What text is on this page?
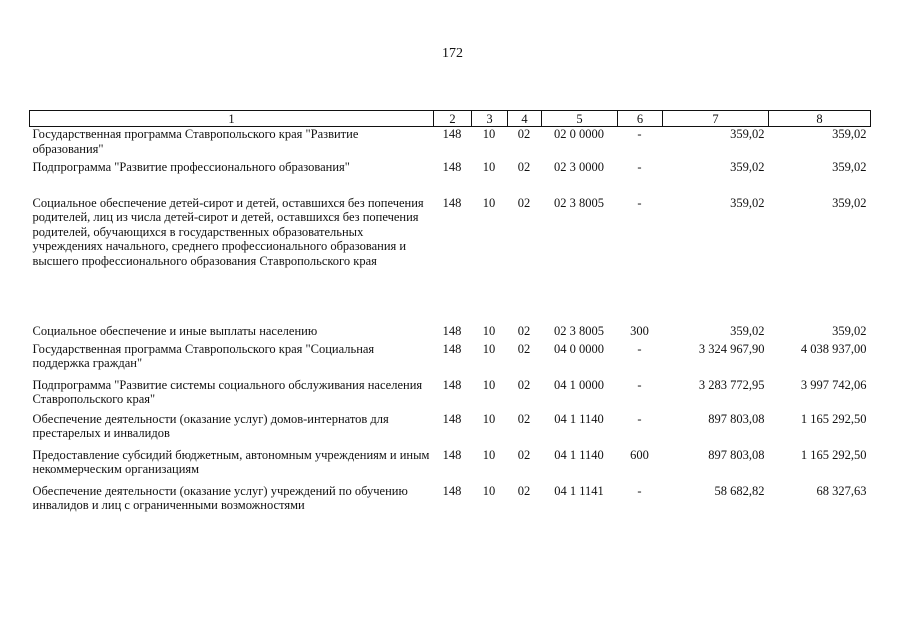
172
1	2	3	4	5	6	7	8
Государственная программа Ставропольского края "Развитие образования"	148	10	02	02 0 0000	-	359,02	359,02
Подпрограмма "Развитие профессионального образования"	148	10	02	02 3 0000	-	359,02	359,02
Социальное обеспечение детей-сирот и детей, оставшихся без попечения родителей, лиц из числа детей-сирот и детей, оставшихся без попечения родителей, обучающихся в государственных образовательных учреждениях начального, среднего профессионального образования и высшего профессионального образования Ставропольского края	148	10	02	02 3 8005	-	359,02	359,02
Социальное обеспечение и иные выплаты населению	148	10	02	02 3 8005	300	359,02	359,02
Государственная программа Ставропольского края "Социальная поддержка граждан"	148	10	02	04 0 0000	-	3 324 967,90	4 038 937,00
Подпрограмма "Развитие системы социального обслуживания населения Ставропольского края"	148	10	02	04 1 0000	-	3 283 772,95	3 997 742,06
Обеспечение деятельности (оказание услуг) домов-интернатов для престарелых и инвалидов	148	10	02	04 1 1140	-	897 803,08	1 165 292,50
Предоставление субсидий бюджетным, автономным учреждениям и иным некоммерческим организациям	148	10	02	04 1 1140	600	897 803,08	1 165 292,50
Обеспечение деятельности (оказание услуг) учреждений по обучению инвалидов и лиц с ограниченными возможностями	148	10	02	04 1 1141	-	58 682,82	68 327,63
